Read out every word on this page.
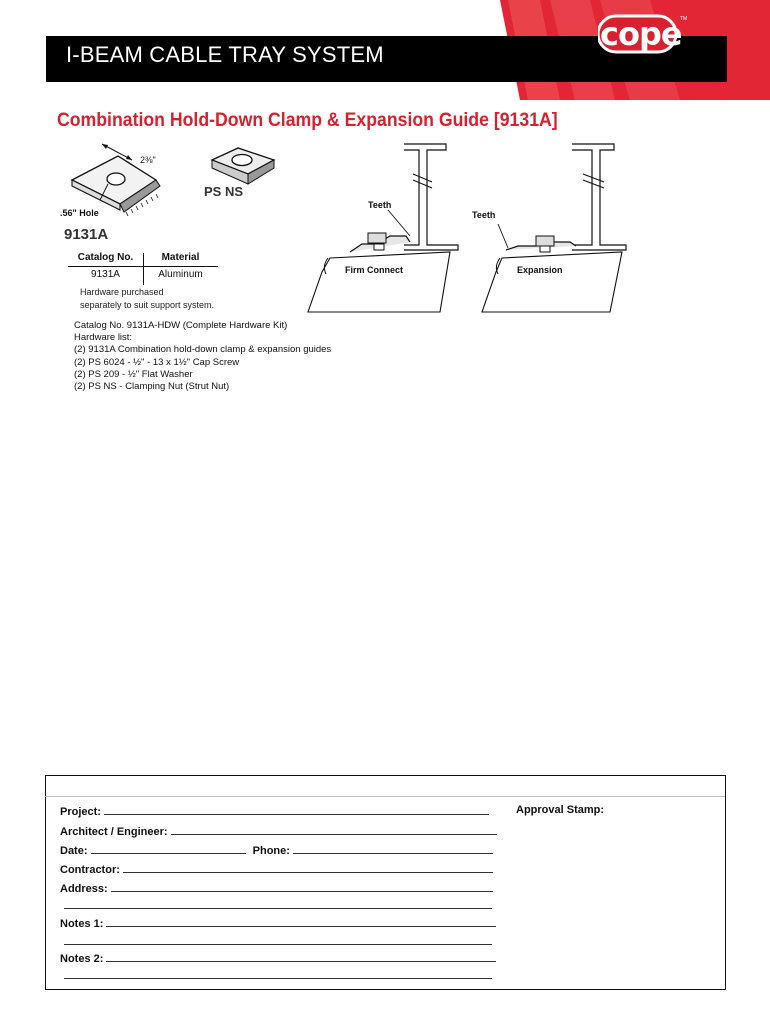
I-BEAM CABLE TRAY SYSTEM
cope
TM
Combination Hold-Down Clamp & Expansion Guide [9131A]
2⅜"
.56" Hole
9131A
PS NS
Teeth
Firm Connect
Teeth
Expansion
Catalog No.	Material
9131A	Aluminum
Hardware purchased
separately to suit support system.
Catalog No. 9131A-HDW (Complete Hardware Kit)
Hardware list:
(2) 9131A Combination hold-down clamp & expansion guides
(2) PS 6024 - ½" - 13 x 1½" Cap Screw
(2) PS 209 - ½" Flat Washer
(2) PS NS - Clamping Nut (Strut Nut)
Project:
Architect / Engineer:
Date:	Phone:
Contractor:
Address:
Notes 1:
Notes 2:
Approval Stamp:
